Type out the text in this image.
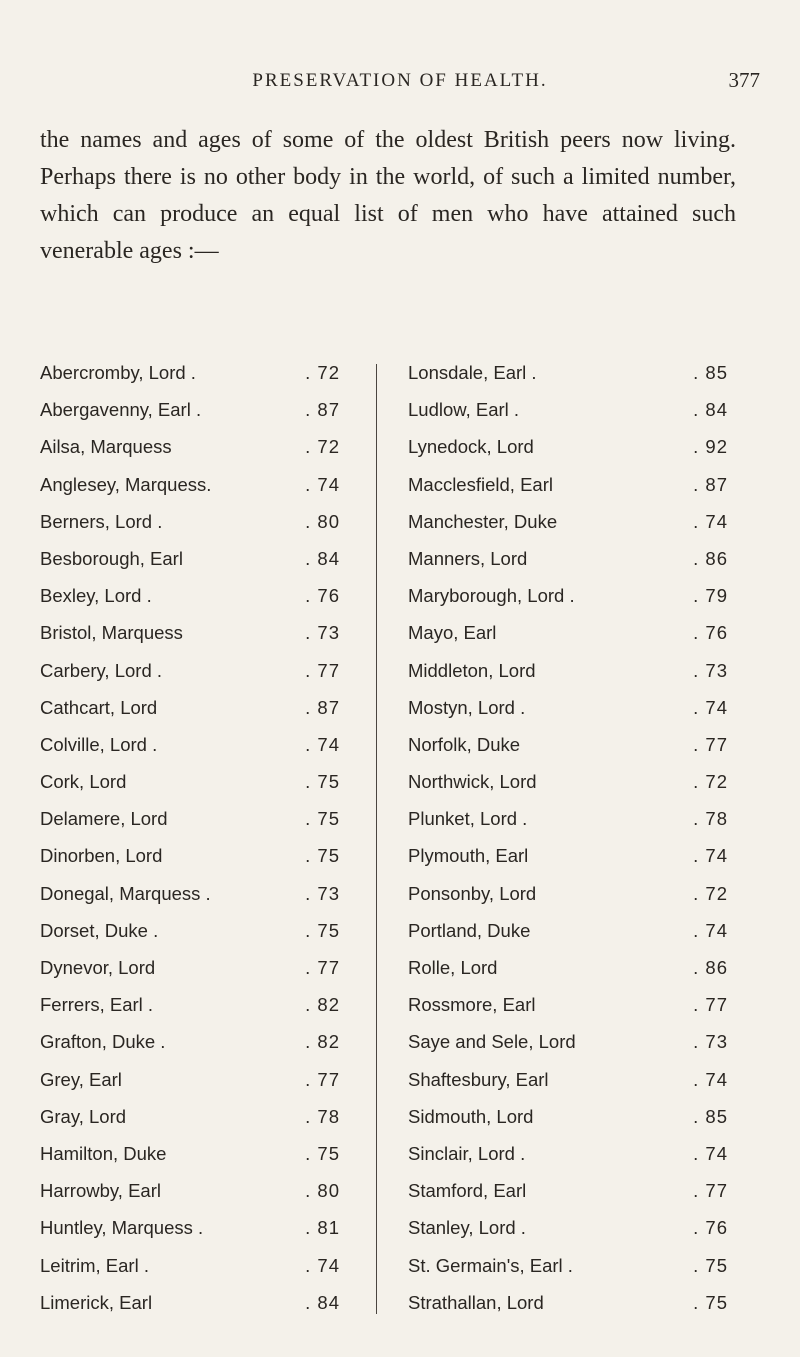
PRESERVATION OF HEALTH.	377

the names and ages of some of the oldest British peers now living. Perhaps there is no other body in the world, of such a limited number, which can produce an equal list of men who have attained such venerable ages :—

Abercromby, Lord .	. 72
Abergavenny, Earl .	. 87
Ailsa, Marquess	. 72
Anglesey, Marquess.	. 74
Berners, Lord .	. 80
Besborough, Earl	. 84
Bexley, Lord .	. 76
Bristol, Marquess	. 73
Carbery, Lord .	. 77
Cathcart, Lord	. 87
Colville, Lord .	. 74
Cork, Lord	. 75
Delamere, Lord	. 75
Dinorben, Lord	. 75
Donegal, Marquess .	. 73
Dorset, Duke .	. 75
Dynevor, Lord	. 77
Ferrers, Earl .	. 82
Grafton, Duke .	. 82
Grey, Earl	. 77
Gray, Lord	. 78
Hamilton, Duke	. 75
Harrowby, Earl	. 80
Huntley, Marquess .	. 81
Leitrim, Earl .	. 74
Limerick, Earl	. 84
Lonsdale, Earl .	. 85
Ludlow, Earl .	. 84
Lynedock, Lord	. 92
Macclesfield, Earl	. 87
Manchester, Duke	. 74
Manners, Lord	. 86
Maryborough, Lord .	. 79
Mayo, Earl	. 76
Middleton, Lord	. 73
Mostyn, Lord .	. 74
Norfolk, Duke	. 77
Northwick, Lord	. 72
Plunket, Lord .	. 78
Plymouth, Earl	. 74
Ponsonby, Lord	. 72
Portland, Duke	. 74
Rolle, Lord	. 86
Rossmore, Earl	. 77
Saye and Sele, Lord	. 73
Shaftesbury, Earl	. 74
Sidmouth, Lord	. 85
Sinclair, Lord .	. 74
Stamford, Earl	. 77
Stanley, Lord .	. 76
St. Germain's, Earl .	. 75
Strathallan, Lord	. 75
